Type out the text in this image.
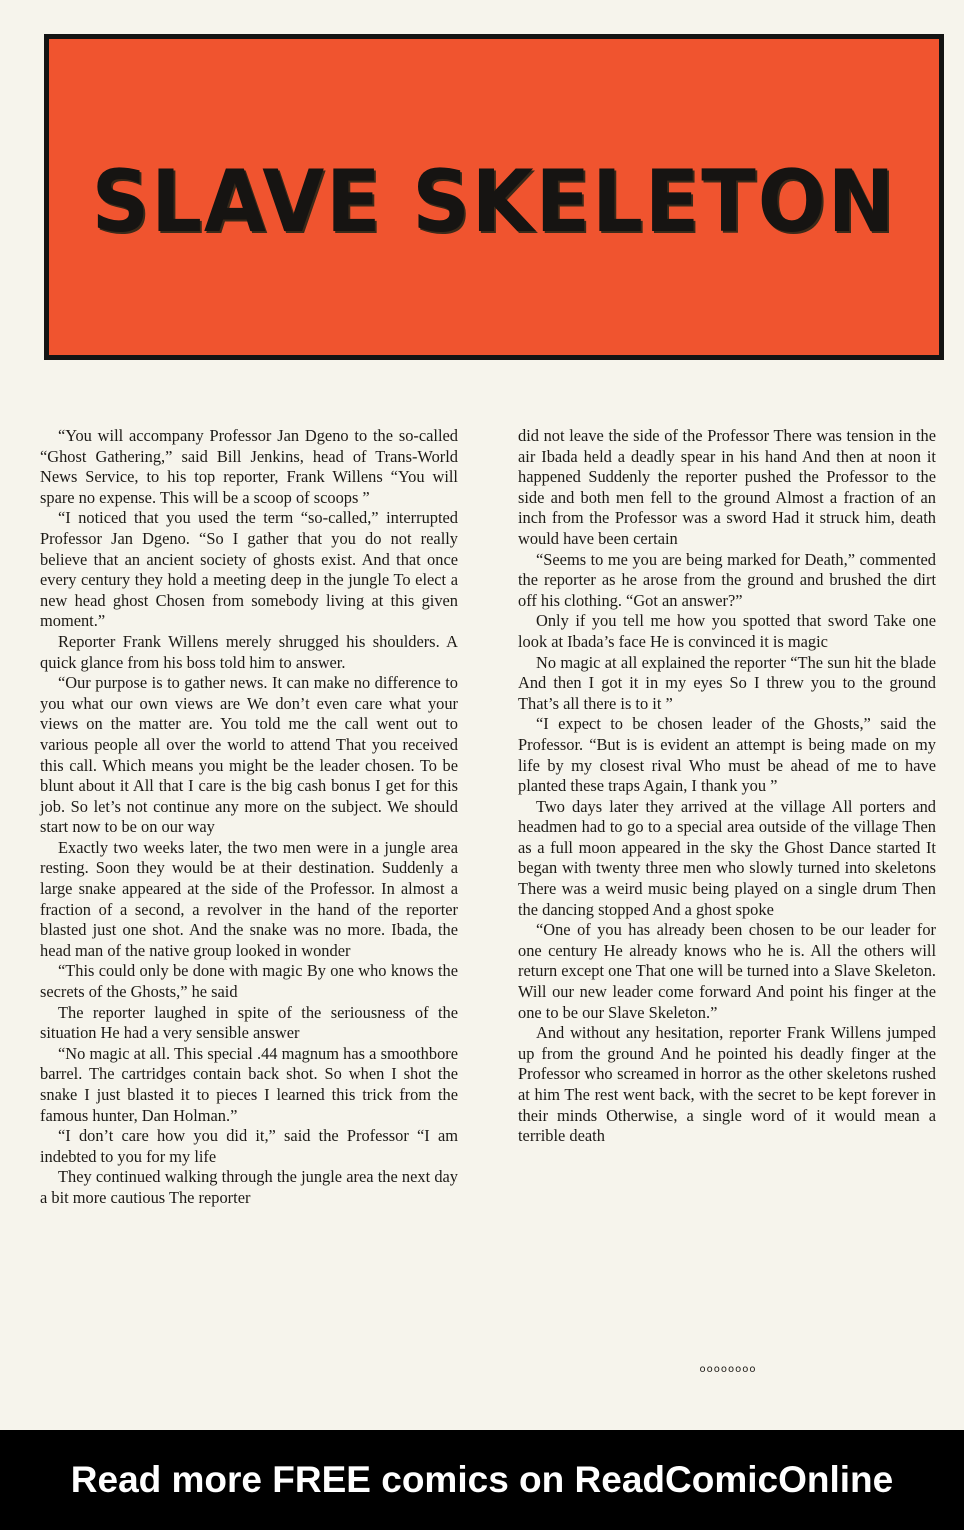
SLAVE SKELETON

“You will accompany Professor Jan Dgeno to the so-called “Ghost Gathering,” said Bill Jenkins, head of Trans-World News Service, to his top reporter, Frank Willens “You will spare no expense. This will be a scoop of scoops ”

“I noticed that you used the term “so-called,” interrupted Professor Jan Dgeno. “So I gather that you do not really believe that an ancient society of ghosts exist. And that once every century they hold a meeting deep in the jungle To elect a new head ghost Chosen from somebody living at this given moment.”

Reporter Frank Willens merely shrugged his shoulders. A quick glance from his boss told him to answer.

“Our purpose is to gather news. It can make no difference to you what our own views are We don’t even care what your views on the matter are. You told me the call went out to various people all over the world to attend That you received this call. Which means you might be the leader chosen. To be blunt about it All that I care is the big cash bonus I get for this job. So let’s not continue any more on the subject. We should start now to be on our way

Exactly two weeks later, the two men were in a jungle area resting. Soon they would be at their destination. Suddenly a large snake appeared at the side of the Professor. In almost a fraction of a second, a revolver in the hand of the reporter blasted just one shot. And the snake was no more. Ibada, the head man of the native group looked in wonder

“This could only be done with magic By one who knows the secrets of the Ghosts,” he said

The reporter laughed in spite of the seriousness of the situation He had a very sensible answer

“No magic at all. This special .44 magnum has a smoothbore barrel. The cartridges contain back shot. So when I shot the snake I just blasted it to pieces I learned this trick from the famous hunter, Dan Holman.”

“I don’t care how you did it,” said the Professor “I am indebted to you for my life

They continued walking through the jungle area the next day a bit more cautious The reporter

did not leave the side of the Professor There was tension in the air Ibada held a deadly spear in his hand And then at noon it happened Suddenly the reporter pushed the Professor to the side and both men fell to the ground Almost a fraction of an inch from the Professor was a sword Had it struck him, death would have been certain

“Seems to me you are being marked for Death,” commented the reporter as he arose from the ground and brushed the dirt off his clothing. “Got an answer?”

Only if you tell me how you spotted that sword Take one look at Ibada’s face He is convinced it is magic

No magic at all explained the reporter “The sun hit the blade And then I got it in my eyes So I threw you to the ground That’s all there is to it ”

“I expect to be chosen leader of the Ghosts,” said the Professor. “But is is evident an attempt is being made on my life by my closest rival Who must be ahead of me to have planted these traps Again, I thank you ”

Two days later they arrived at the village All porters and headmen had to go to a special area outside of the village Then as a full moon appeared in the sky the Ghost Dance started It began with twenty three men who slowly turned into skeletons There was a weird music being played on a single drum Then the dancing stopped And a ghost spoke

“One of you has already been chosen to be our leader for one century He already knows who he is. All the others will return except one That one will be turned into a Slave Skeleton. Will our new leader come forward And point his finger at the one to be our Slave Skeleton.”

And without any hesitation, reporter Frank Willens jumped up from the ground And he pointed his deadly finger at the Professor who screamed in horror as the other skeletons rushed at him The rest went back, with the secret to be kept forever in their minds Otherwise, a single word of it would mean a terrible death

oooooooo
Read more FREE comics on ReadComicOnline
